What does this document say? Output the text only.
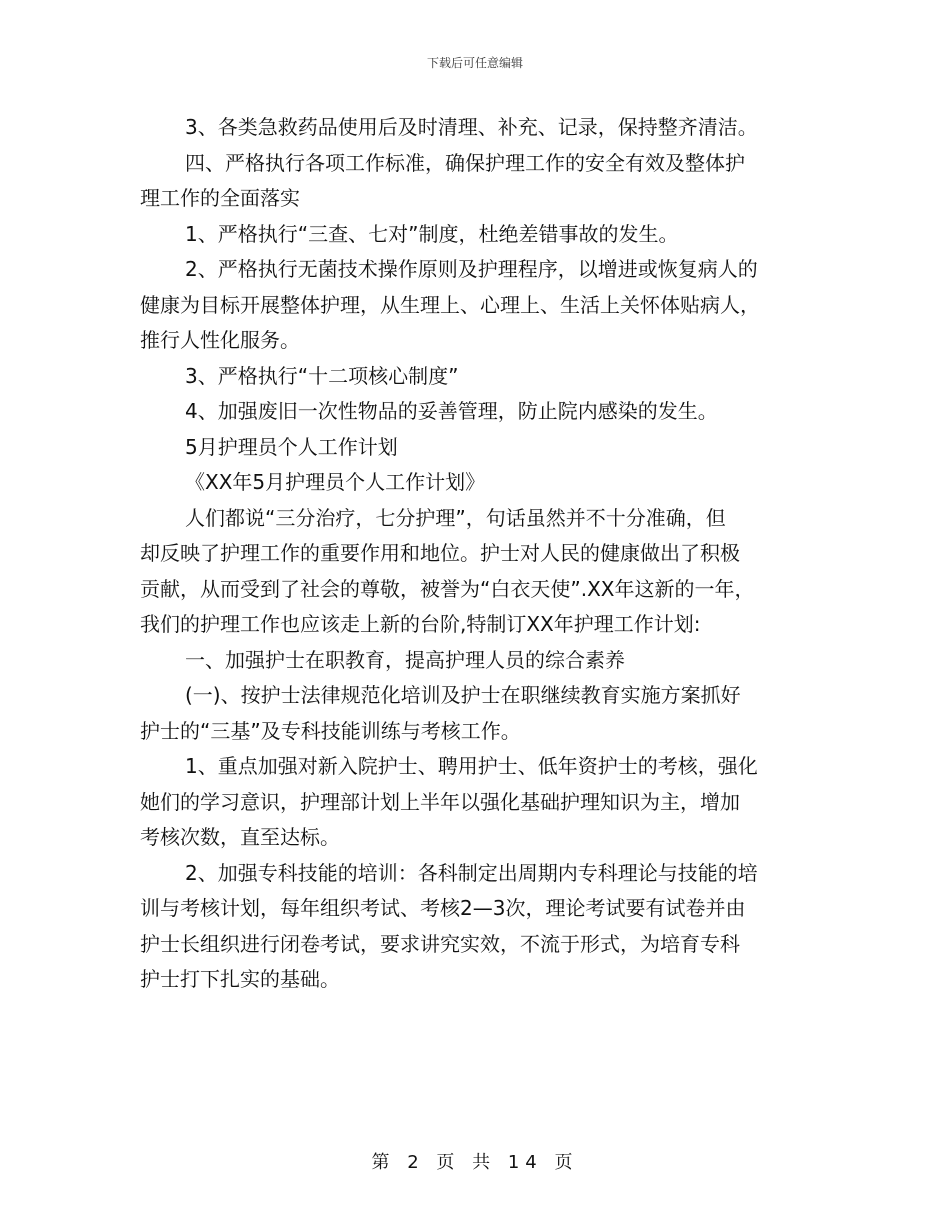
下载后可任意编辑
3、各类急救药品使用后及时清理、补充、记录，保持整齐清洁。
四、严格执行各项工作标准，确保护理工作的安全有效及整体护
理工作的全面落实
1、严格执行“三查、七对”制度，杜绝差错事故的发生。
2、严格执行无菌技术操作原则及护理程序，以增进或恢复病人的
健康为目标开展整体护理，从生理上、心理上、生活上关怀体贴病人，
推行人性化服务。
3、严格执行“十二项核心制度”
4、加强废旧一次性物品的妥善管理，防止院内感染的发生。
5月护理员个人工作计划
《XX年5月护理员个人工作计划》
人们都说“三分治疗，七分护理”，句话虽然并不十分准确，但
却反映了护理工作的重要作用和地位。护士对人民的健康做出了积极
贡献，从而受到了社会的尊敬，被誉为“白衣天使”.XX年这新的一年，
我们的护理工作也应该走上新的台阶,特制订XX年护理工作计划:
一、加强护士在职教育，提高护理人员的综合素养
(一)、按护士法律规范化培训及护士在职继续教育实施方案抓好
护士的“三基”及专科技能训练与考核工作。
1、重点加强对新入院护士、聘用护士、低年资护士的考核，强化
她们的学习意识，护理部计划上半年以强化基础护理知识为主，增加
考核次数，直至达标。
2、加强专科技能的培训：各科制定出周期内专科理论与技能的培
训与考核计划，每年组织考试、考核2—3次，理论考试要有试卷并由
护士长组织进行闭卷考试，要求讲究实效，不流于形式，为培育专科
护士打下扎实的基础。
第 2 页 共 14 页
